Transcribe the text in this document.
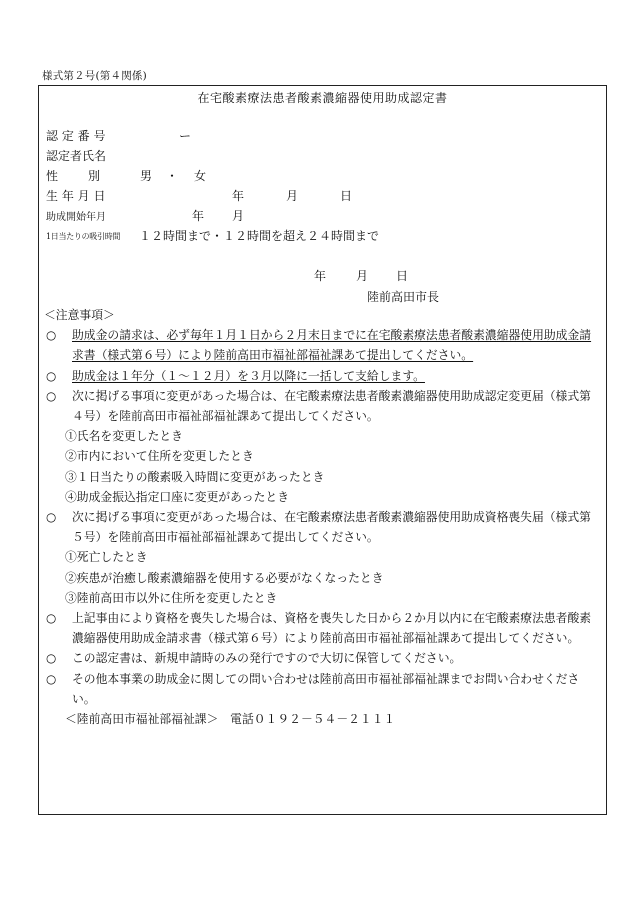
様式第２号(第４関係)
在宅酸素療法患者酸素濃縮器使用助成認定書
認 定 番 号	ー
認定者氏名
性 別	男 ・ 女
生 年 月 日	年	月	日
助成開始年月	年 月
1日当たりの吸引時間 １２時間まで・１２時間を超え２４時間まで
年 月 日
陸前高田市長

＜注意事項＞

○ 助成金の請求は、必ず毎年１月１日から２月末日までに在宅酸素療法患者酸素濃縮器使用助成金請求書（様式第６号）により陸前高田市福祉部福祉課あて提出してください。
○ 助成金は１年分（１～１２月）を３月以降に一括して支給します。
○ 次に掲げる事項に変更があった場合は、在宅酸素療法患者酸素濃縮器使用助成認定変更届（様式第４号）を陸前高田市福祉部福祉課あて提出してください。

①氏名を変更したとき

②市内において住所を変更したとき

③１日当たりの酸素吸入時間に変更があったとき

④助成金振込指定口座に変更があったとき

○ 次に掲げる事項に変更があった場合は、在宅酸素療法患者酸素濃縮器使用助成資格喪失届（様式第５号）を陸前高田市福祉部福祉課あて提出してください。

①死亡したとき

②疾患が治癒し酸素濃縮器を使用する必要がなくなったとき

③陸前高田市以外に住所を変更したとき

○ 上記事由により資格を喪失した場合は、資格を喪失した日から２か月以内に在宅酸素療法患者酸素濃縮器使用助成金請求書（様式第６号）により陸前高田市福祉部福祉課あて提出してください。
○ この認定書は、新規申請時のみの発行ですので大切に保管してください。
○ その他本事業の助成金に関しての問い合わせは陸前高田市福祉部福祉課までお問い合わせください。

＜陸前高田市福祉部福祉課＞　電話０１９２－５４－２１１１
